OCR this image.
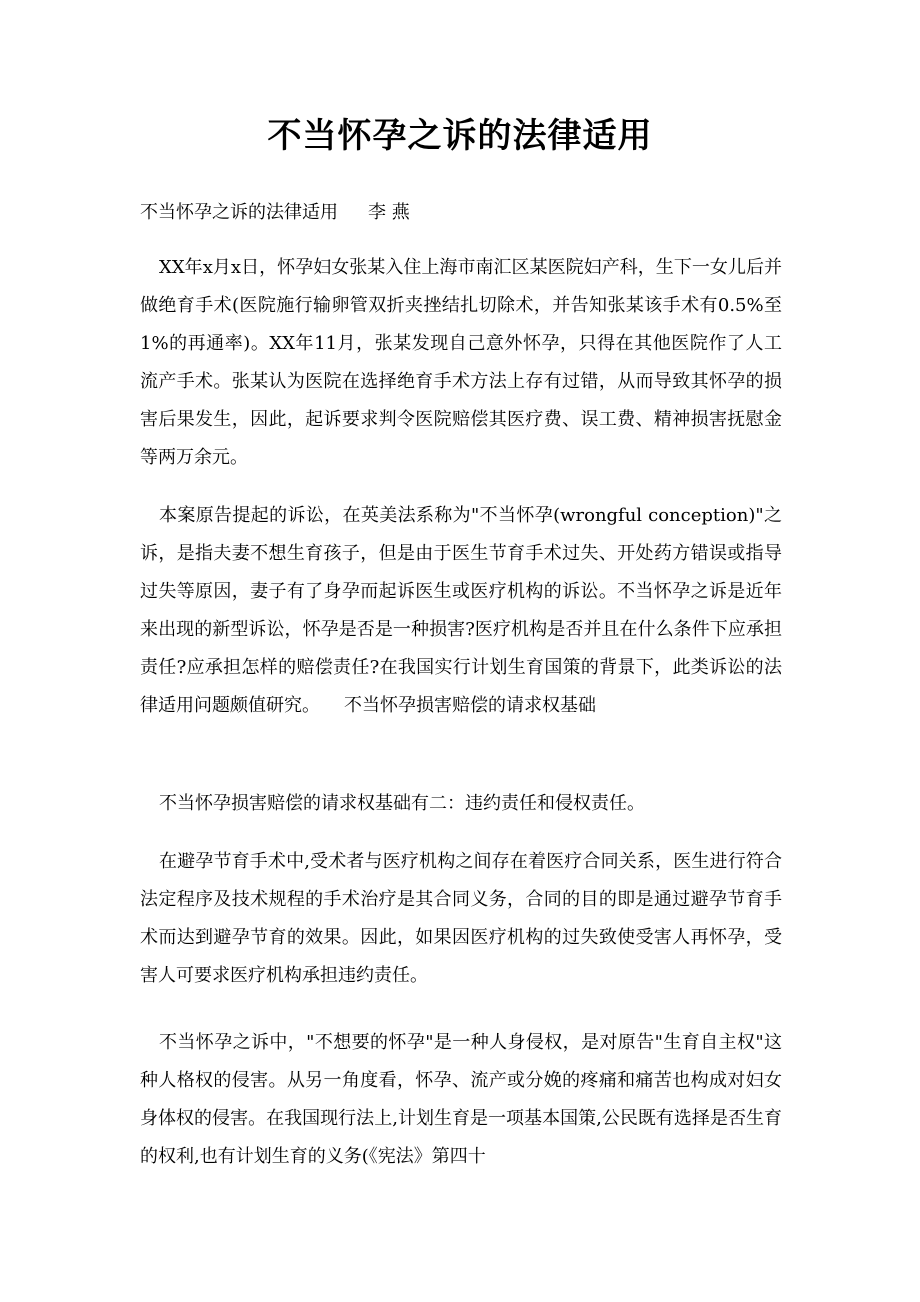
不当怀孕之诉的法律适用
不当怀孕之诉的法律适用 李 燕

XX年x月x日，怀孕妇女张某入住上海市南汇区某医院妇产科，生下一女儿后并做绝育手术(医院施行输卵管双折夹挫结扎切除术，并告知张某该手术有0.5%至1%的再通率)。XX年11月，张某发现自己意外怀孕，只得在其他医院作了人工流产手术。张某认为医院在选择绝育手术方法上存有过错，从而导致其怀孕的损害后果发生，因此，起诉要求判令医院赔偿其医疗费、误工费、精神损害抚慰金等两万余元。

本案原告提起的诉讼，在英美法系称为"不当怀孕(wrongful conception)"之诉，是指夫妻不想生育孩子，但是由于医生节育手术过失、开处药方错误或指导过失等原因，妻子有了身孕而起诉医生或医疗机构的诉讼。不当怀孕之诉是近年来出现的新型诉讼，怀孕是否是一种损害?医疗机构是否并且在什么条件下应承担责任?应承担怎样的赔偿责任?在我国实行计划生育国策的背景下，此类诉讼的法律适用问题颇值研究。 不当怀孕损害赔偿的请求权基础

不当怀孕损害赔偿的请求权基础有二：违约责任和侵权责任。

在避孕节育手术中,受术者与医疗机构之间存在着医疗合同关系，医生进行符合法定程序及技术规程的手术治疗是其合同义务，合同的目的即是通过避孕节育手术而达到避孕节育的效果。因此，如果因医疗机构的过失致使受害人再怀孕，受害人可要求医疗机构承担违约责任。

不当怀孕之诉中，"不想要的怀孕"是一种人身侵权，是对原告"生育自主权"这种人格权的侵害。从另一角度看，怀孕、流产或分娩的疼痛和痛苦也构成对妇女身体权的侵害。在我国现行法上,计划生育是一项基本国策,公民既有选择是否生育的权利,也有计划生育的义务(《宪法》第四十
